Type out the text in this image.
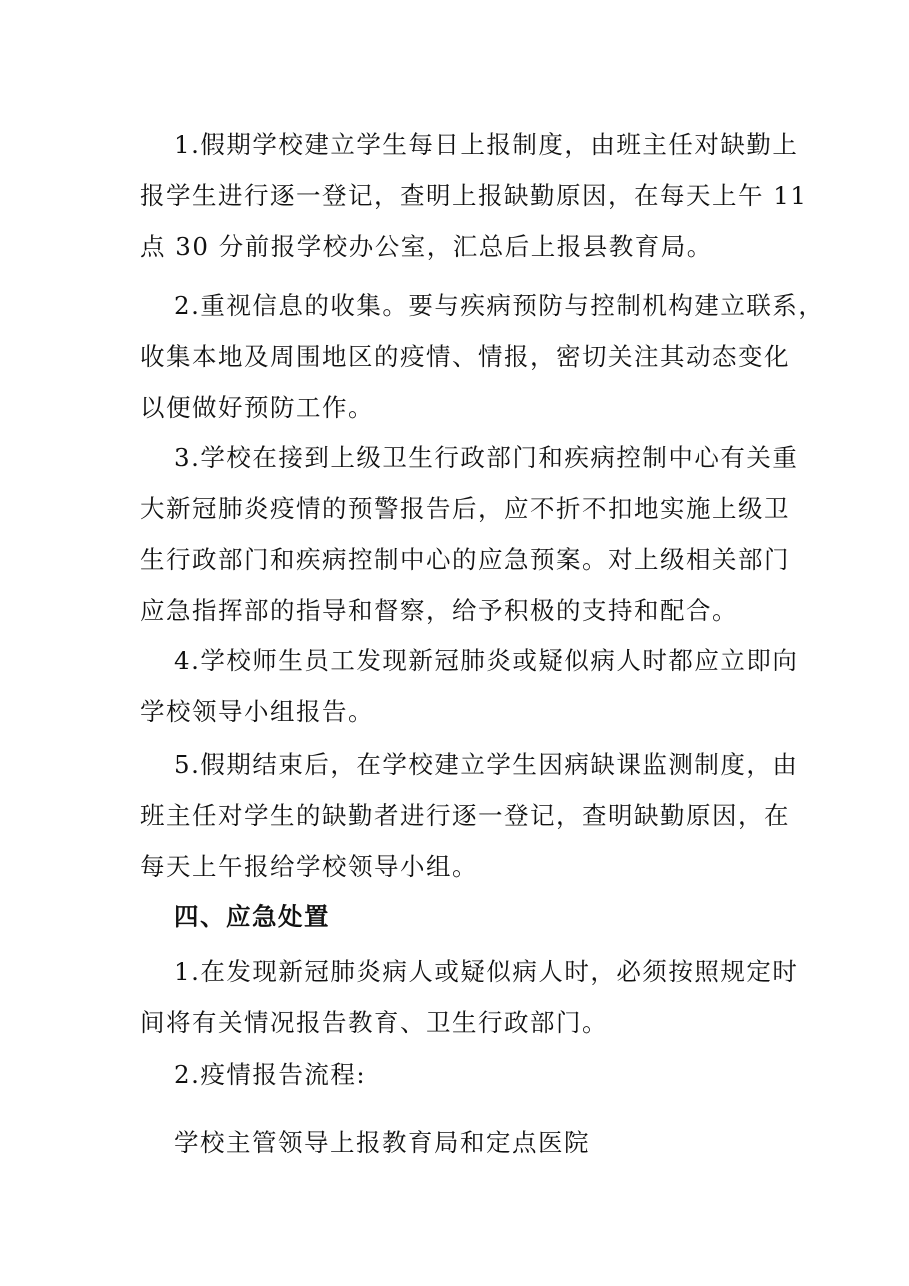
1.假期学校建立学生每日上报制度，由班主任对缺勤上
报学生进行逐一登记，查明上报缺勤原因，在每天上午 11
点 30 分前报学校办公室，汇总后上报县教育局。

2.重视信息的收集。要与疾病预防与控制机构建立联系，
收集本地及周围地区的疫情、情报，密切关注其动态变化
以便做好预防工作。

3.学校在接到上级卫生行政部门和疾病控制中心有关重
大新冠肺炎疫情的预警报告后，应不折不扣地实施上级卫
生行政部门和疾病控制中心的应急预案。对上级相关部门
应急指挥部的指导和督察，给予积极的支持和配合。

4.学校师生员工发现新冠肺炎或疑似病人时都应立即向
学校领导小组报告。

5.假期结束后，在学校建立学生因病缺课监测制度，由
班主任对学生的缺勤者进行逐一登记，查明缺勤原因，在
每天上午报给学校领导小组。

四、应急处置

1.在发现新冠肺炎病人或疑似病人时，必须按照规定时
间将有关情况报告教育、卫生行政部门。

2.疫情报告流程:

学校主管领导上报教育局和定点医院
